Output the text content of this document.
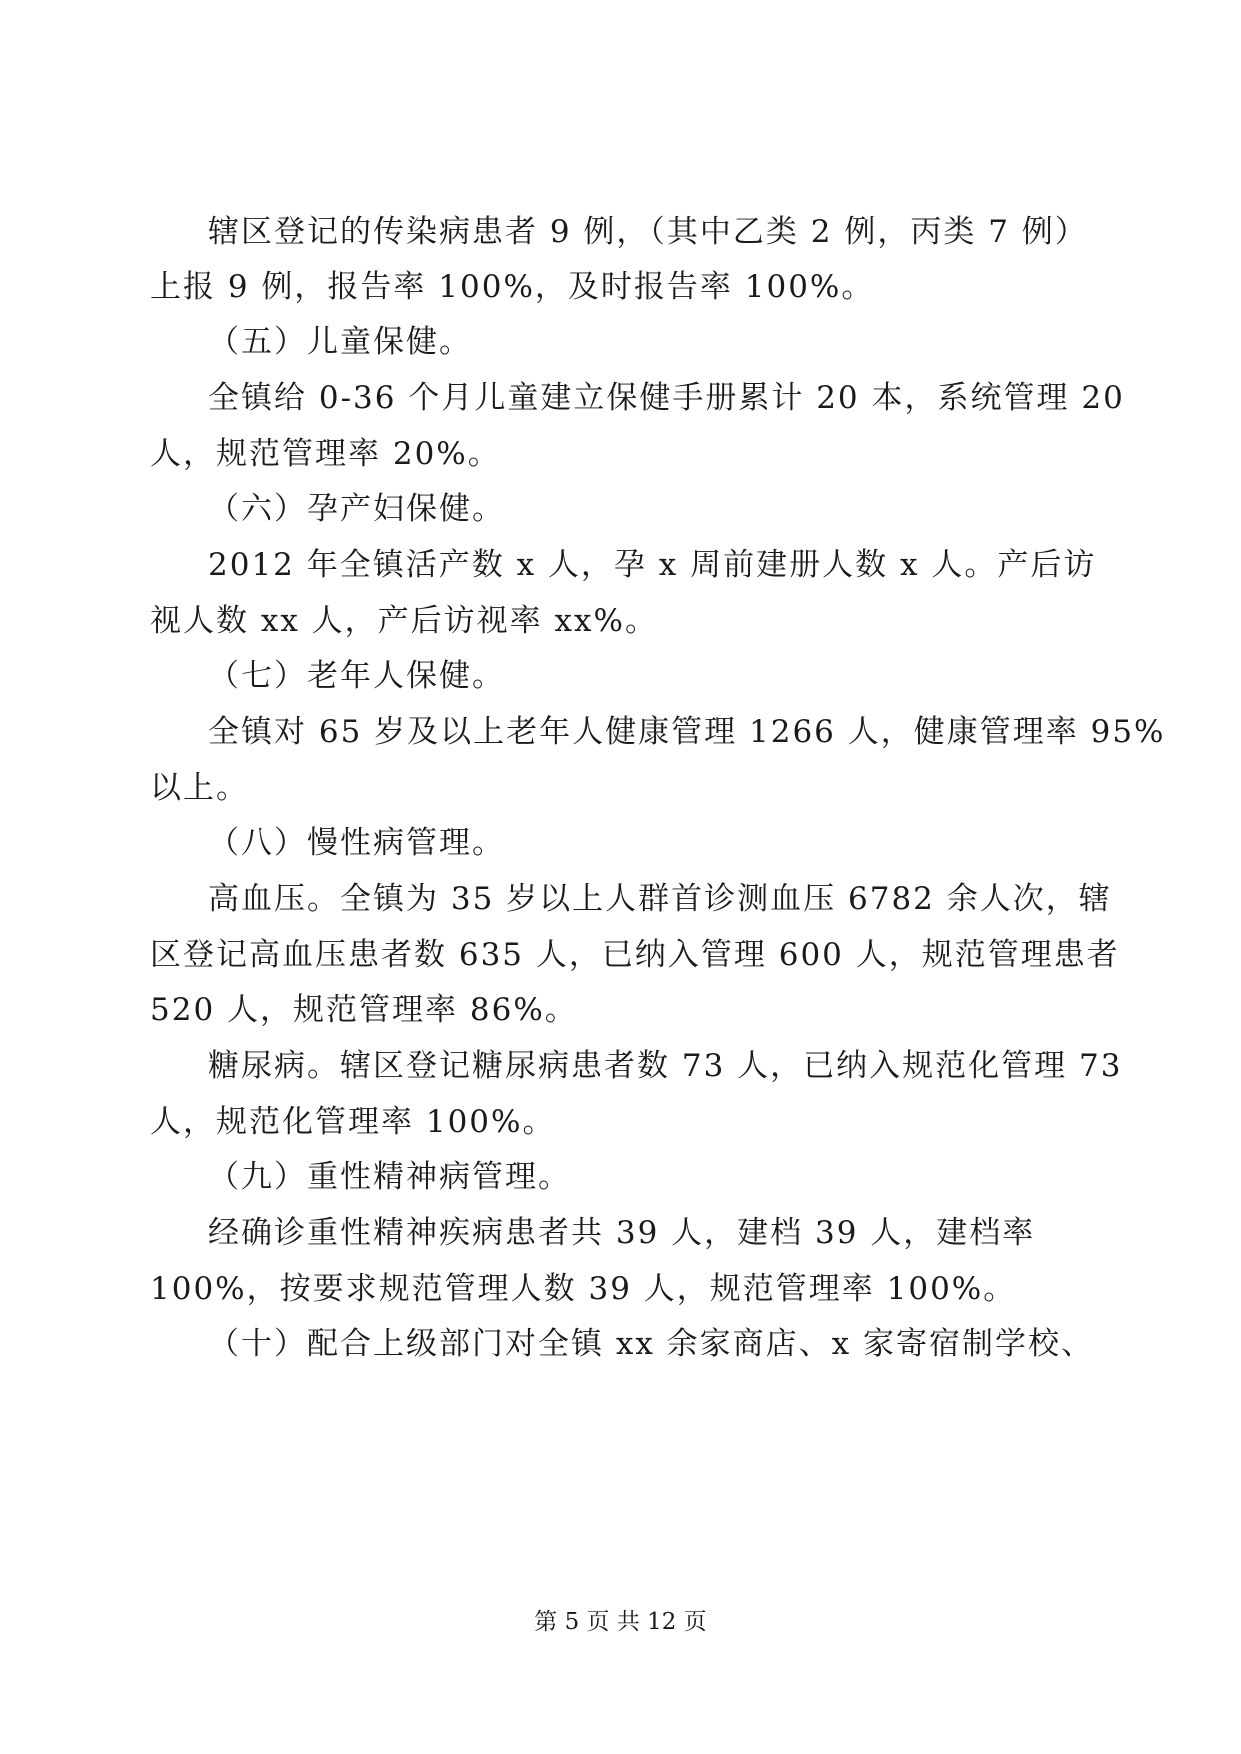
辖区登记的传染病患者 9 例，（其中乙类 2 例，丙类 7 例）
上报 9 例，报告率 100%，及时报告率 100%。
（五）儿童保健。
全镇给 0-36 个月儿童建立保健手册累计 20 本，系统管理 20
人，规范管理率 20%。
（六）孕产妇保健。
2012 年全镇活产数 x 人，孕 x 周前建册人数 x 人。产后访
视人数 xx 人，产后访视率 xx%。
（七）老年人保健。
全镇对 65 岁及以上老年人健康管理 1266 人，健康管理率 95%
以上。
（八）慢性病管理。
高血压。全镇为 35 岁以上人群首诊测血压 6782 余人次，辖
区登记高血压患者数 635 人，已纳入管理 600 人，规范管理患者
520 人，规范管理率 86%。
糖尿病。辖区登记糖尿病患者数 73 人，已纳入规范化管理 73
人，规范化管理率 100%。
（九）重性精神病管理。
经确诊重性精神疾病患者共 39 人，建档 39 人，建档率
100%，按要求规范管理人数 39 人，规范管理率 100%。
（十）配合上级部门对全镇 xx 余家商店、x 家寄宿制学校、
第 5 页 共 12 页
